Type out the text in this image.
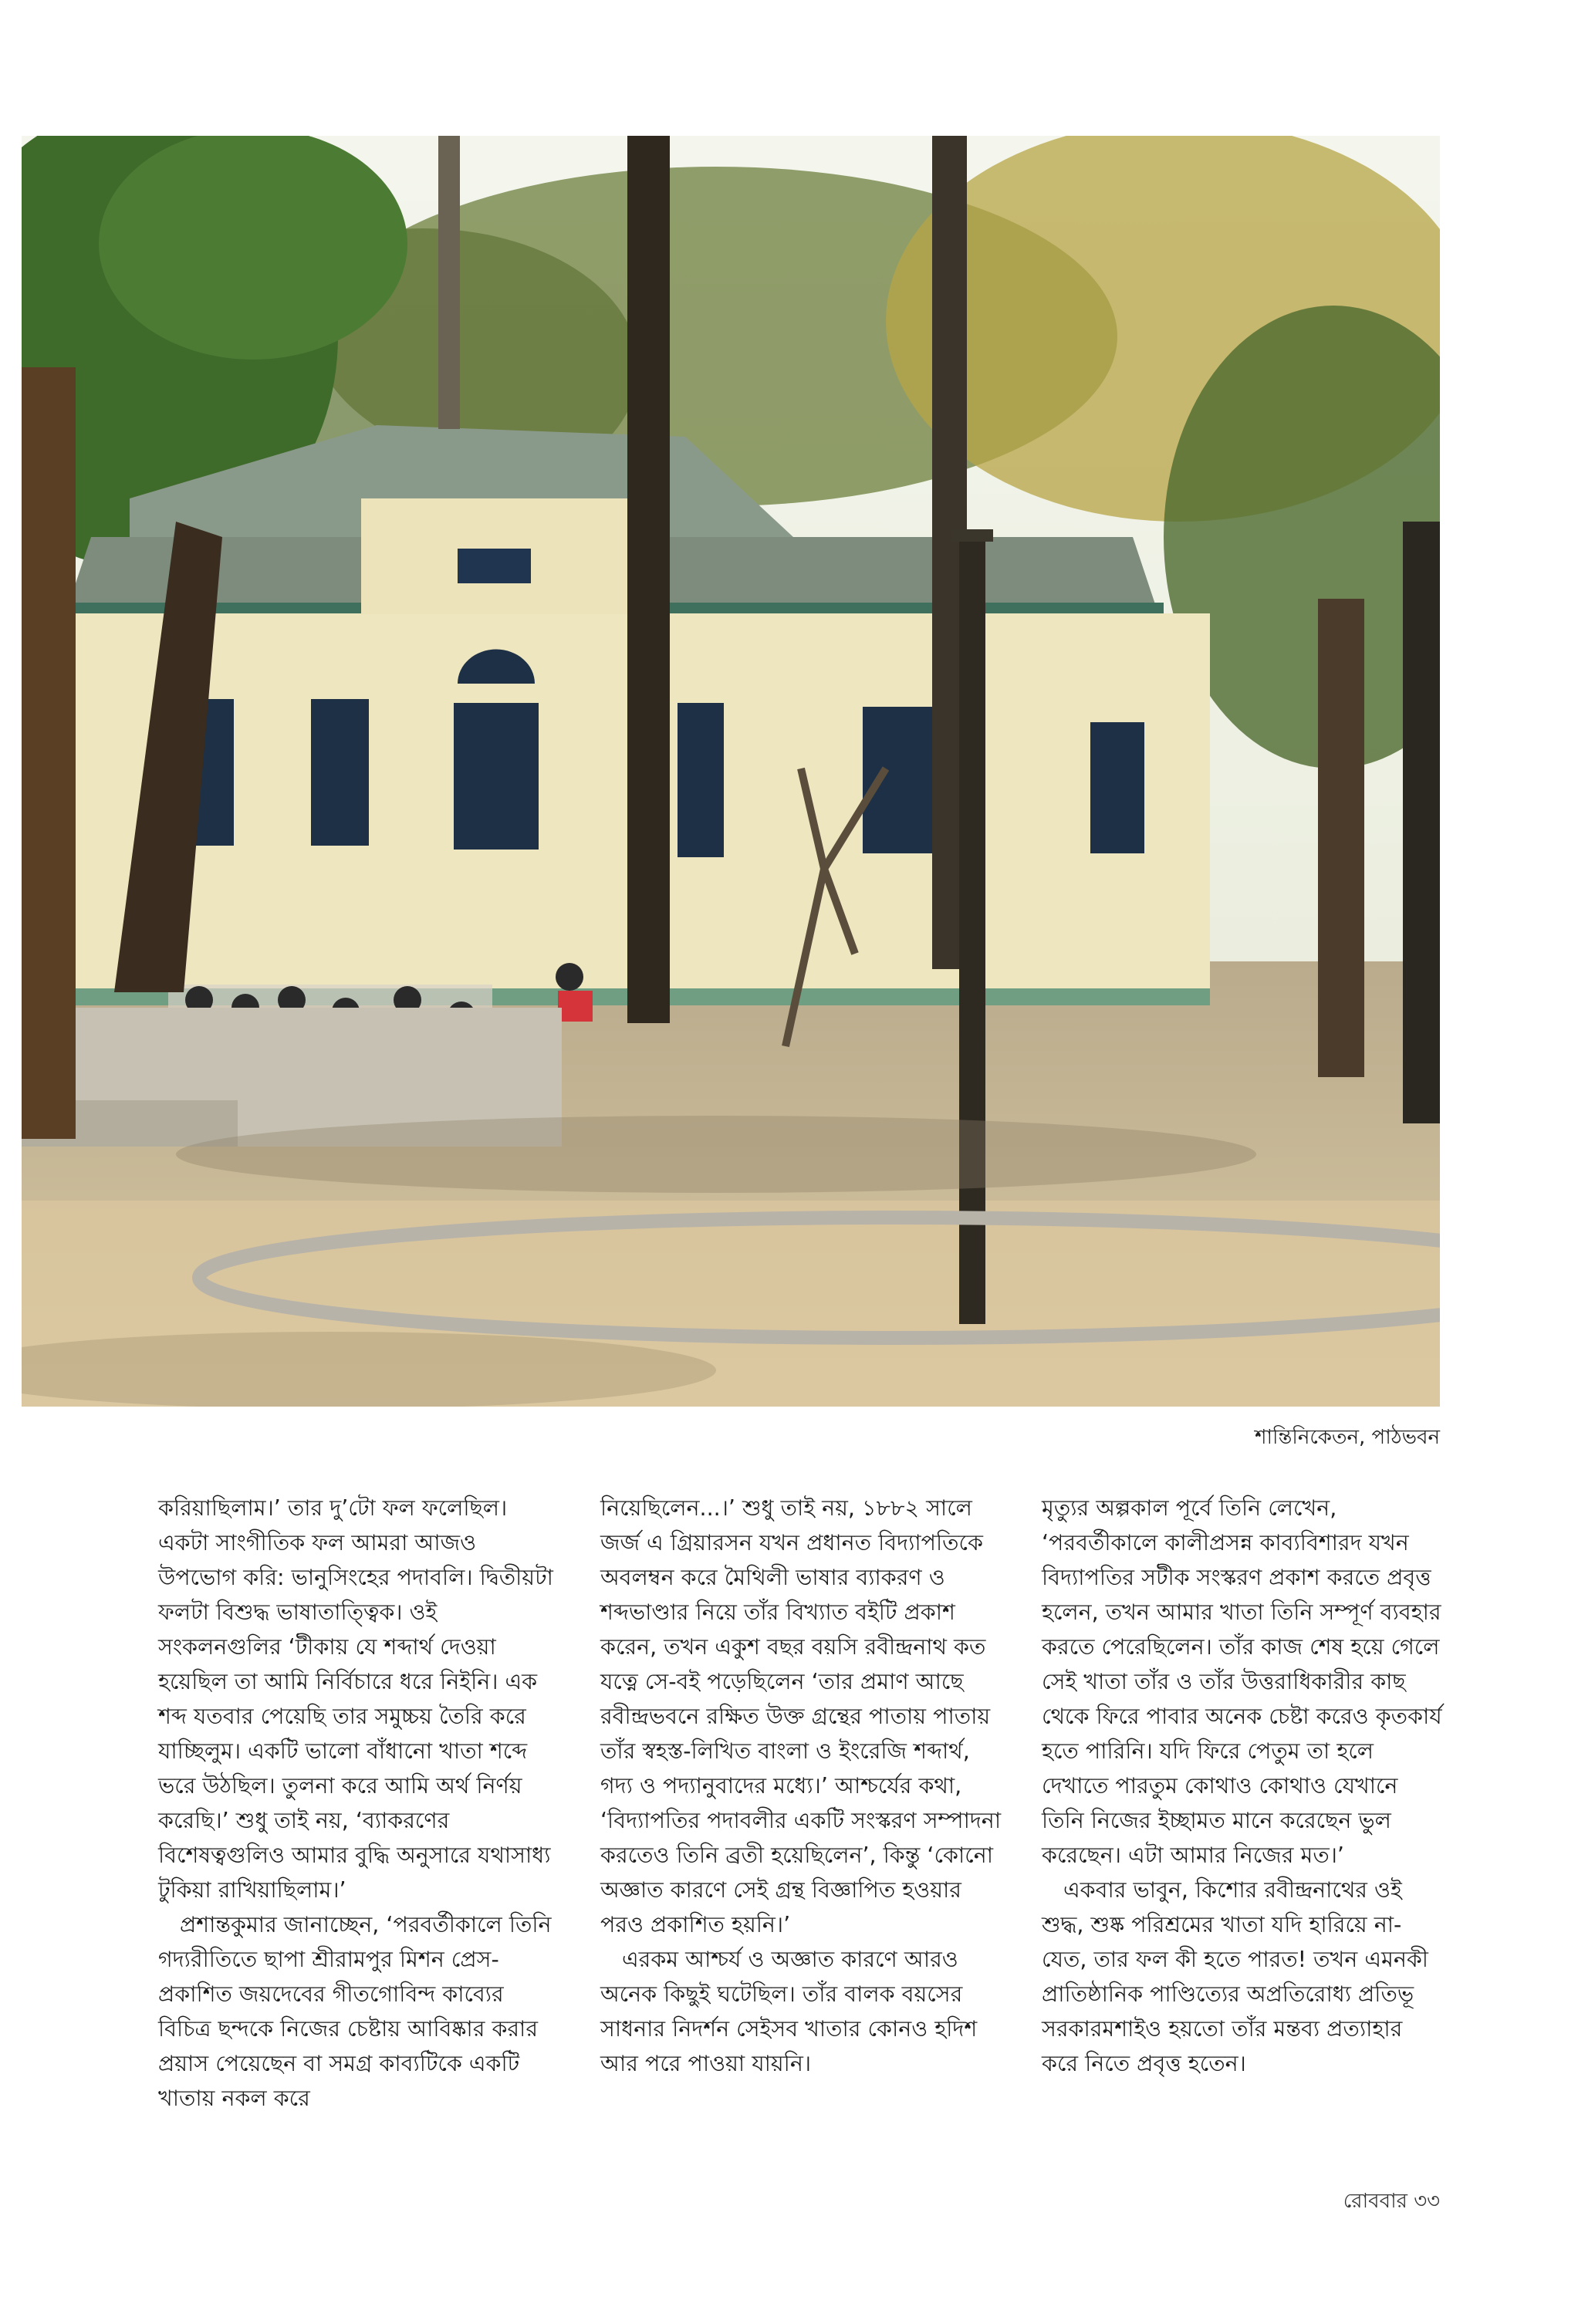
শান্তিনিকেতন, পাঠভবন

করিয়াছিলাম।’ তার দু’টো ফল ফলেছিল। একটা সাংগীতিক ফল আমরা আজও উপভোগ করি: ভানুসিংহের পদাবলি। দ্বিতীয়টা ফলটা বিশুদ্ধ ভাষাতাত্ত্বিক। ওই সংকলনগুলির ‘টীকায় যে শব্দার্থ দেওয়া হয়েছিল তা আমি নির্বিচারে ধরে নিইনি। এক শব্দ যতবার পেয়েছি তার সমুচ্চয় তৈরি করে যাচ্ছিলুম। একটি ভালো বাঁধানো খাতা শব্দে ভরে উঠছিল। তুলনা করে আমি অর্থ নির্ণয় করেছি।’ শুধু তাই নয়, ‘ব্যাকরণের বিশেষত্বগুলিও আমার বুদ্ধি অনুসারে যথাসাধ্য টুকিয়া রাখিয়াছিলাম।’

প্রশান্তকুমার জানাচ্ছেন, ‘পরবর্তীকালে তিনি গদ্যরীতিতে ছাপা শ্রীরামপুর মিশন প্রেস-প্রকাশিত জয়দেবের গীতগোবিন্দ কাব্যের বিচিত্র ছন্দকে নিজের চেষ্টায় আবিষ্কার করার প্রয়াস পেয়েছেন বা সমগ্র কাব্যটিকে একটি খাতায় নকল করে

নিয়েছিলেন...।’ শুধু তাই নয়, ১৮৮২ সালে জর্জ এ গ্রিয়ারসন যখন প্রধানত বিদ্যাপতিকে অবলম্বন করে মৈথিলী ভাষার ব্যাকরণ ও শব্দভাণ্ডার নিয়ে তাঁর বিখ্যাত বইটি প্রকাশ করেন, তখন একুশ বছর বয়সি রবীন্দ্রনাথ কত যত্নে সে-বই পড়েছিলেন ‘তার প্রমাণ আছে রবীন্দ্রভবনে রক্ষিত উক্ত গ্রন্থের পাতায় পাতায় তাঁর স্বহস্ত-লিখিত বাংলা ও ইংরেজি শব্দার্থ, গদ্য ও পদ্যানুবাদের মধ্যে।’ আশ্চর্যের কথা, ‘বিদ্যাপতির পদাবলীর একটি সংস্করণ সম্পাদনা করতেও তিনি ব্রতী হয়েছিলেন’, কিন্তু ‘কোনো অজ্ঞাত কারণে সেই গ্রন্থ বিজ্ঞাপিত হওয়ার পরও প্রকাশিত হয়নি।’

এরকম আশ্চর্য ও অজ্ঞাত কারণে আরও অনেক কিছুই ঘটেছিল। তাঁর বালক বয়সের সাধনার নিদর্শন সেইসব খাতার কোনও হদিশ আর পরে পাওয়া যায়নি।

মৃত্যুর অল্পকাল পূর্বে তিনি লেখেন, ‘পরবর্তীকালে কালীপ্রসন্ন কাব্যবিশারদ যখন বিদ্যাপতির সটীক সংস্করণ প্রকাশ করতে প্রবৃত্ত হলেন, তখন আমার খাতা তিনি সম্পূর্ণ ব্যবহার করতে পেরেছিলেন। তাঁর কাজ শেষ হয়ে গেলে সেই খাতা তাঁর ও তাঁর উত্তরাধিকারীর কাছ থেকে ফিরে পাবার অনেক চেষ্টা করেও কৃতকার্য হতে পারিনি। যদি ফিরে পেতুম তা হলে দেখাতে পারতুম কোথাও কোথাও যেখানে তিনি নিজের ইচ্ছামত মানে করেছেন ভুল করেছেন। এটা আমার নিজের মত।’

একবার ভাবুন, কিশোর রবীন্দ্রনাথের ওই শুদ্ধ, শুষ্ক পরিশ্রমের খাতা যদি হারিয়ে না-যেত, তার ফল কী হতে পারত! তখন এমনকী প্রাতিষ্ঠানিক পাণ্ডিত্যের অপ্রতিরোধ্য প্রতিভূ সরকারমশাইও হয়তো তাঁর মন্তব্য প্রত্যাহার করে নিতে প্রবৃত্ত হতেন।

রোববার ৩৩
